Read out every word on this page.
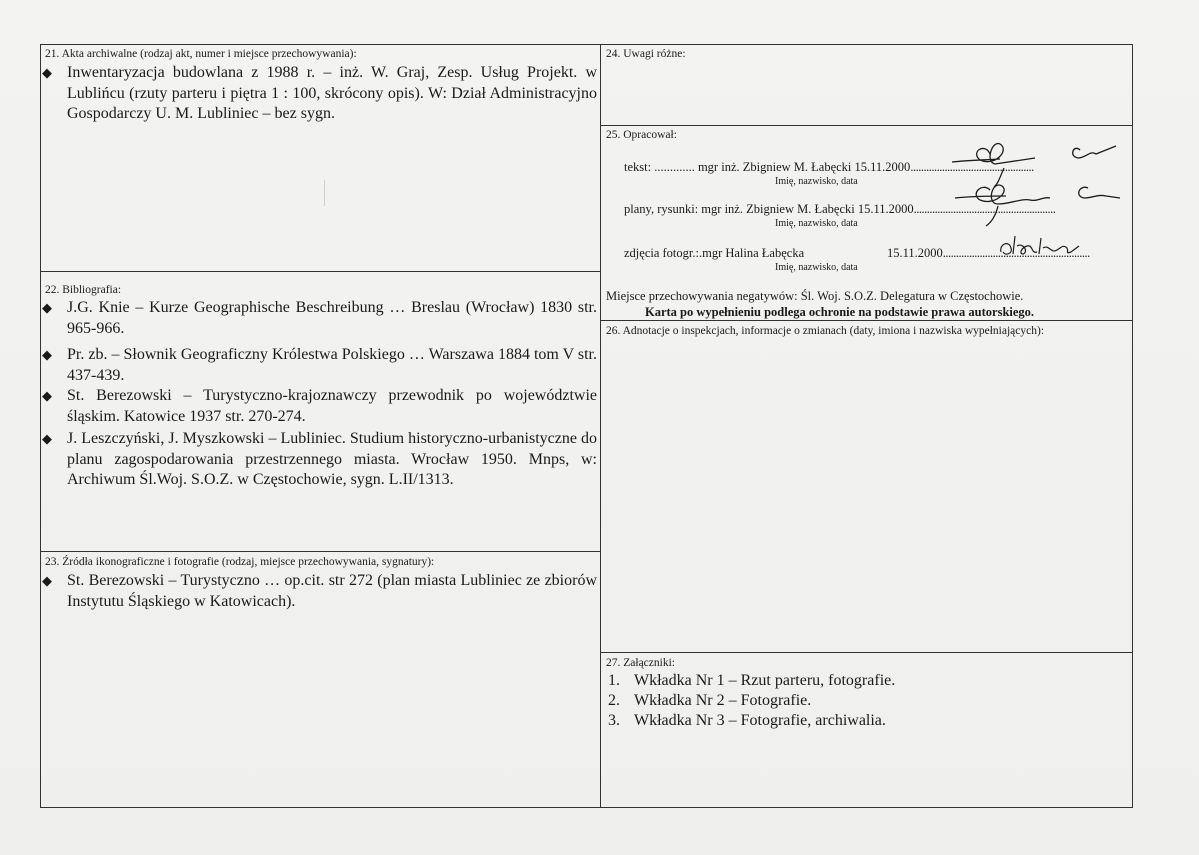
21. Akta archiwalne (rodzaj akt, numer i miejsce przechowywania):
◆ Inwentaryzacja budowlana z 1988 r. – inż. W. Graj, Zesp. Usług Projekt. w Lublińcu (rzuty parteru i piętra 1 : 100, skrócony opis). W: Dział Administracyjno Gospodarczy U. M. Lubliniec – bez sygn.
22. Bibliografia:
◆ J.G. Knie – Kurze Geographische Beschreibung … Breslau (Wrocław) 1830 str. 965-966.
◆ Pr. zb. – Słownik Geograficzny Królestwa Polskiego … Warszawa 1884 tom V str. 437-439.
◆ St. Berezowski – Turystyczno-krajoznawczy przewodnik po województwie śląskim. Katowice 1937 str. 270-274.
◆ J. Leszczyński, J. Myszkowski – Lubliniec. Studium historyczno-urbanistyczne do planu zagospodarowania przestrzennego miasta. Wrocław 1950. Mnps, w: Archiwum Śl.Woj. S.O.Z. w Częstochowie, sygn. L.II/1313.
23. Źródła ikonograficzne i fotografie (rodzaj, miejsce przechowywania, sygnatury):
◆ St. Berezowski – Turystyczno … op.cit. str 272 (plan miasta Lubliniec ze zbiorów Instytutu Śląskiego w Katowicach).
24. Uwagi różne:
25. Opracował:
tekst: ............. mgr inż. Zbigniew M. Łabęcki 15.11.2000...............................................
Imię, nazwisko, data
plany, rysunki: mgr inż. Zbigniew M. Łabęcki 15.11.2000......................................................
Imię, nazwisko, data
zdjęcia fotogr.:.mgr Halina Łabęcka	15.11.2000........................................................
Imię, nazwisko, data
Miejsce przechowywania negatywów: Śl. Woj. S.O.Z. Delegatura w Częstochowie.
Karta po wypełnieniu podlega ochronie na podstawie prawa autorskiego.
26. Adnotacje o inspekcjach, informacje o zmianach (daty, imiona i nazwiska wypełniających):
27. Załączniki:
1. Wkładka Nr 1 – Rzut parteru, fotografie.
2. Wkładka Nr 2 – Fotografie.
3. Wkładka Nr 3 – Fotografie, archiwalia.
